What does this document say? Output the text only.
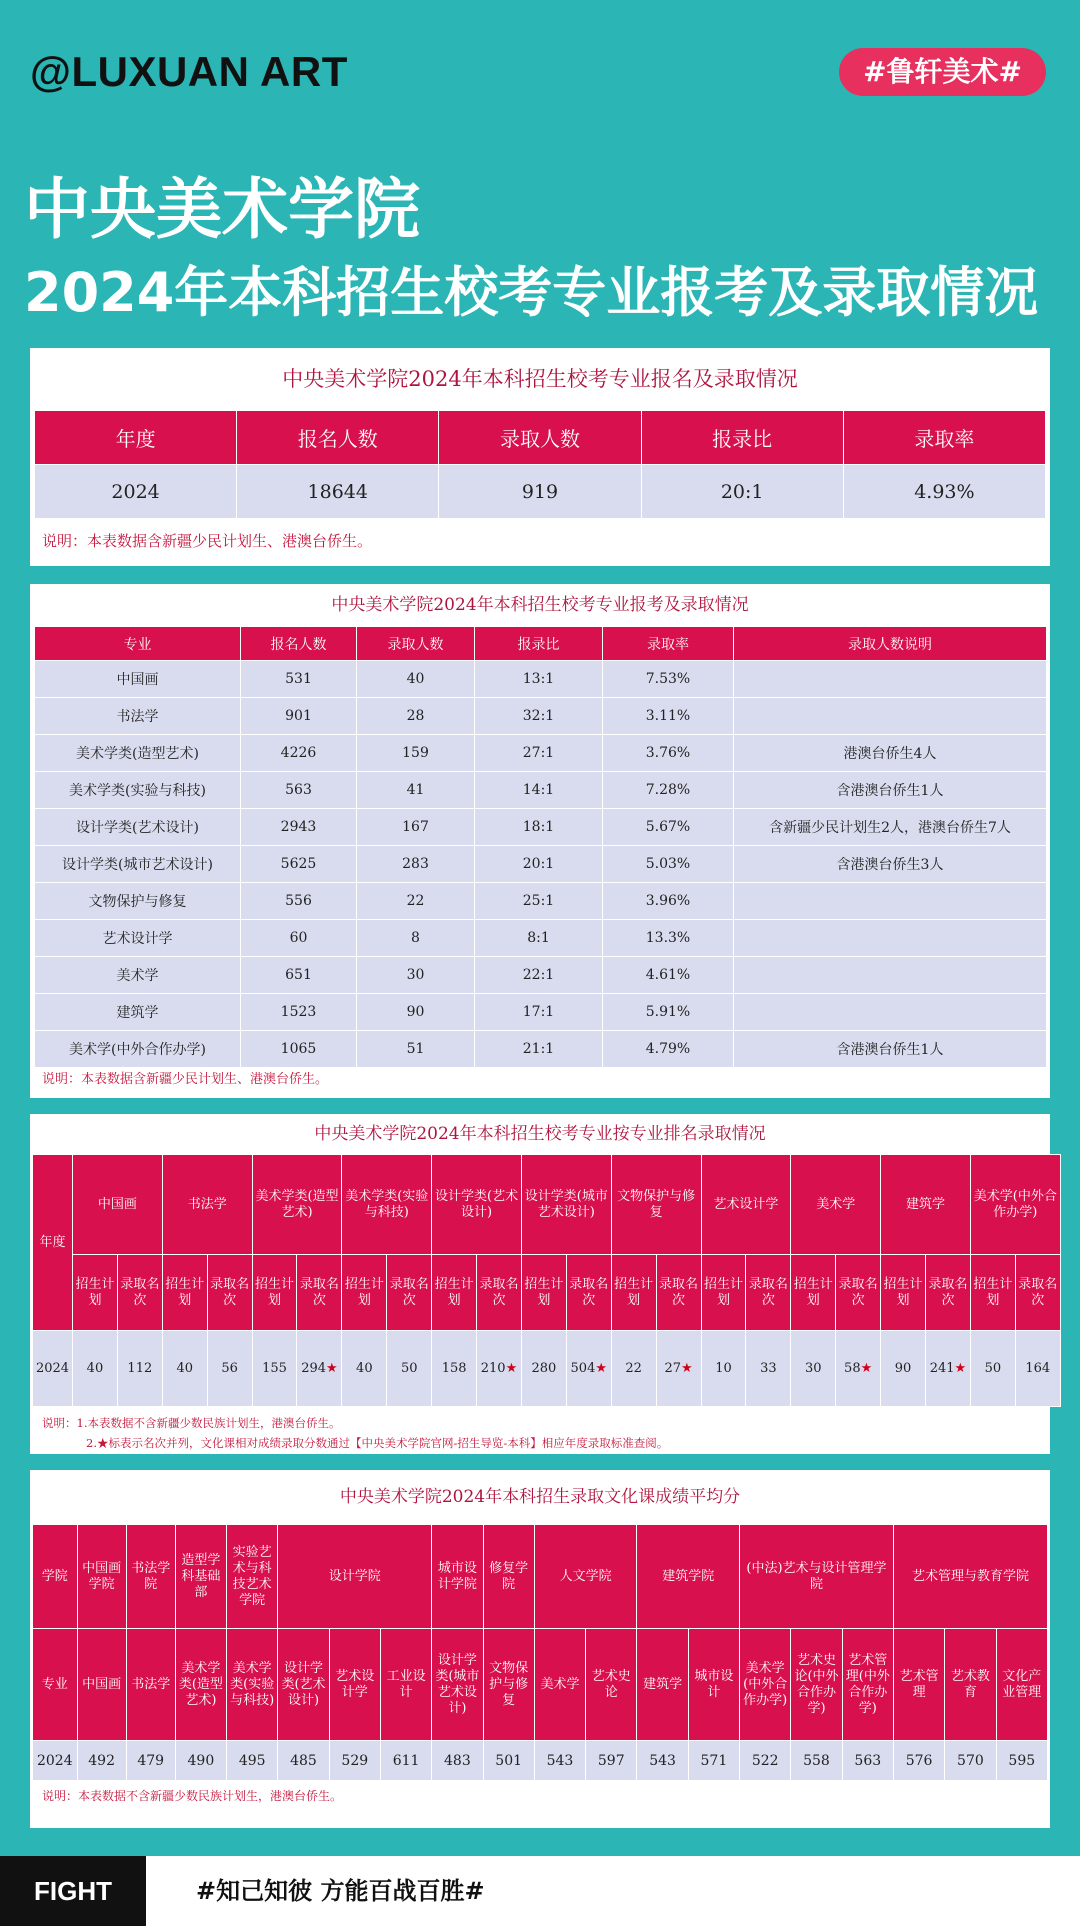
@LUXUAN ART	#鲁轩美术#
中央美术学院
2024年本科招生校考专业报考及录取情况
中央美术学院2024年本科招生校考专业报名及录取情况
年度	报名人数	录取人数	报录比	录取率
2024	18644	919	20:1	4.93%
说明：本表数据含新疆少民计划生、港澳台侨生。
中央美术学院2024年本科招生校考专业报考及录取情况
专业	报名人数	录取人数	报录比	录取率	录取人数说明
中国画	531	40	13:1	7.53%	
书法学	901	28	32:1	3.11%	
美术学类(造型艺术)	4226	159	27:1	3.76%	港澳台侨生4人
美术学类(实验与科技)	563	41	14:1	7.28%	含港澳台侨生1人
设计学类(艺术设计)	2943	167	18:1	5.67%	含新疆少民计划生2人，港澳台侨生7人
设计学类(城市艺术设计)	5625	283	20:1	5.03%	含港澳台侨生3人
文物保护与修复	556	22	25:1	3.96%	
艺术设计学	60	8	8:1	13.3%	
美术学	651	30	22:1	4.61%	
建筑学	1523	90	17:1	5.91%	
美术学(中外合作办学)	1065	51	21:1	4.79%	含港澳台侨生1人
说明：本表数据含新疆少民计划生、港澳台侨生。
中央美术学院2024年本科招生校考专业按专业排名录取情况
年度	中国画		书法学		美术学类(造型艺术)		美术学类(实验与科技)		设计学类(艺术设计)		设计学类(城市艺术设计)		文物保护与修复		艺术设计学		美术学		建筑学		美术学(中外合作办学)	
	招生计划	录取名次	招生计划	录取名次	招生计划	录取名次	招生计划	录取名次	招生计划	录取名次	招生计划	录取名次	招生计划	录取名次	招生计划	录取名次	招生计划	录取名次	招生计划	录取名次	招生计划	录取名次
2024	40	112	40	56	155	294★	40	50	158	210★	280	504★	22	27★	10	33	30	58★	90	241★	50	164
说明：1.本表数据不含新疆少数民族计划生，港澳台侨生。
2.★标表示名次并列，文化课相对成绩录取分数通过【中央美术学院官网-招生导览-本科】相应年度录取标准查阅。
中央美术学院2024年本科招生录取文化课成绩平均分
学院	中国画学院	书法学院	造型学科基础部	实验艺术与科技艺术学院	设计学院			城市设计学院	修复学院	人文学院		建筑学院		(中法)艺术与设计管理学院			艺术管理与教育学院		
专业	中国画	书法学	美术学类(造型艺术)	美术学类(实验与科技)	设计学类(艺术设计)	艺术设计学	工业设计	设计学类(城市艺术设计)	文物保护与修复	美术学	艺术史论	建筑学	城市设计	美术学(中外合作办学)	艺术史论(中外合作办学)	艺术管理(中外合作办学)	艺术管理	艺术教育	文化产业管理
2024	492	479	490	495	485	529	611	483	501	543	597	543	571	522	558	563	576	570	595
说明：本表数据不含新疆少数民族计划生，港澳台侨生。
FIGHT	#知己知彼 方能百战百胜#
